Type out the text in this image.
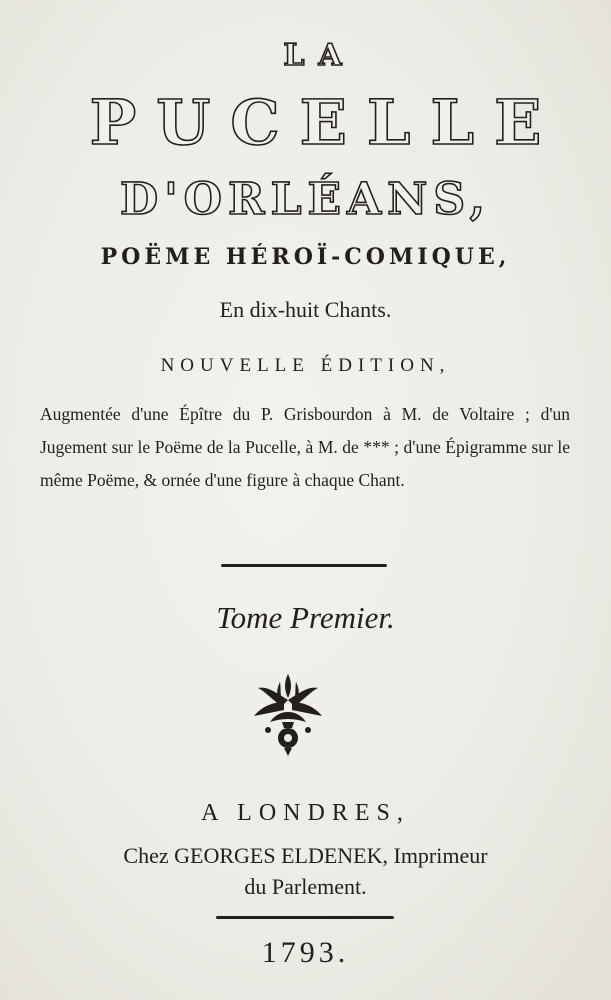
LA
PUCELLE
D'ORLÉANS,
POËME HÉROÏ-COMIQUE,
En dix-huit Chants.
NOUVELLE ÉDITION,
Augmentée d'une Épître du P. Grisbourdon à M. de Voltaire ; d'un Jugement sur le Poëme de la Pucelle, à M. de *** ; d'une Épigramme sur le même Poëme, & ornée d'une figure à chaque Chant.
Tome Premier.
A LONDRES,
Chez GEORGES ELDENEK, Imprimeur
du Parlement.
1793.
